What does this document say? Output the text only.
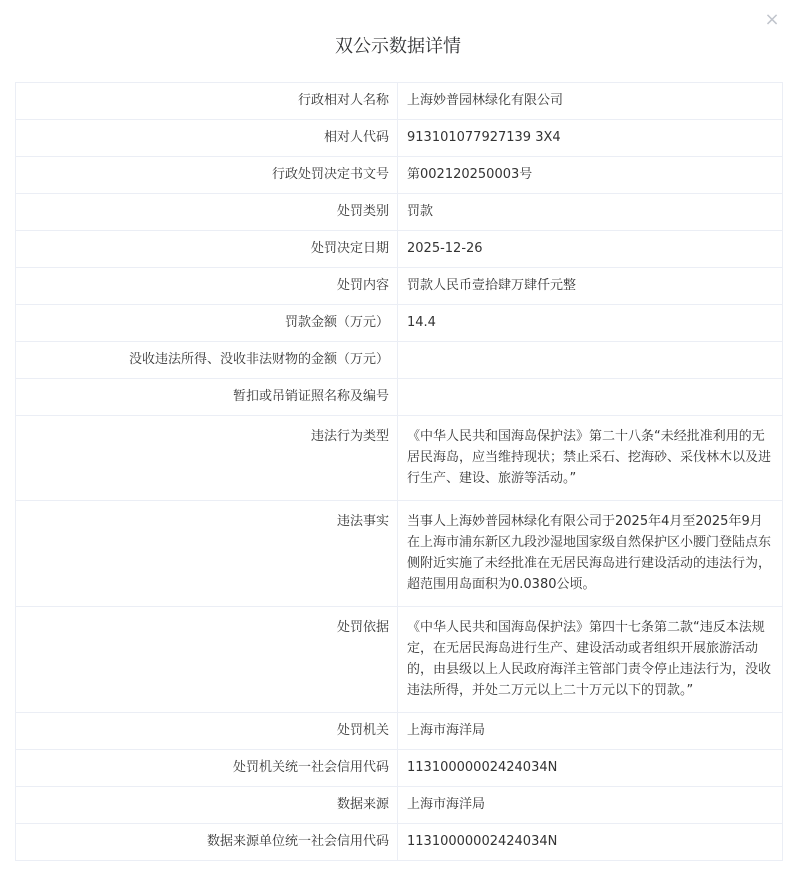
×
双公示数据详情
行政相对人名称	上海妙普园林绿化有限公司
相对人代码	913101077927139 3X4
行政处罚决定书文号	第002120250003号
处罚类别	罚款
处罚决定日期	2025-12-26
处罚内容	罚款人民币壹拾肆万肆仟元整
罚款金额（万元）	14.4
没收违法所得、没收非法财物的金额（万元）	
暂扣或吊销证照名称及编号	
违法行为类型	《中华人民共和国海岛保护法》第二十八条“未经批准利用的无居民海岛，应当维持现状；禁止采石、挖海砂、采伐林木以及进行生产、建设、旅游等活动。”
违法事实	当事人上海妙普园林绿化有限公司于2025年4月至2025年9月在上海市浦东新区九段沙湿地国家级自然保护区小腰门登陆点东侧附近实施了未经批准在无居民海岛进行建设活动的违法行为，超范围用岛面积为0.0380公顷。
处罚依据	《中华人民共和国海岛保护法》第四十七条第二款“违反本法规定，在无居民海岛进行生产、建设活动或者组织开展旅游活动的，由县级以上人民政府海洋主管部门责令停止违法行为，没收违法所得，并处二万元以上二十万元以下的罚款。”
处罚机关	上海市海洋局
处罚机关统一社会信用代码	11310000002424034N
数据来源	上海市海洋局
数据来源单位统一社会信用代码	11310000002424034N
